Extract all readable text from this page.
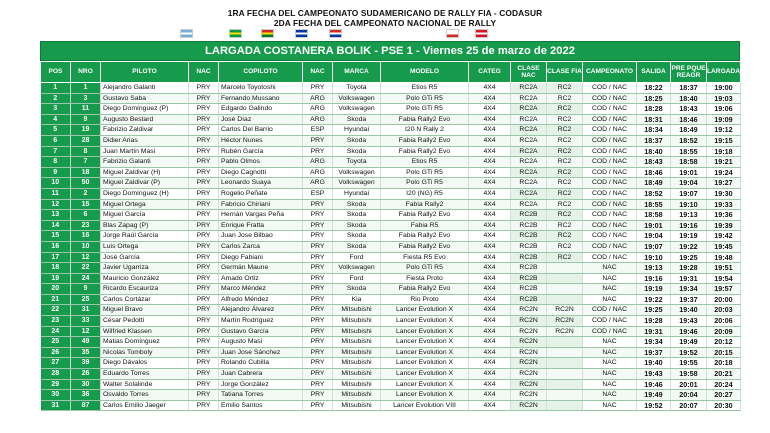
1RA FECHA DEL CAMPEONATO SUDAMERICANO DE RALLY FIA - CODASUR
2DA FECHA DEL CAMPEONATO NACIONAL DE RALLY
LARGADA COSTANERA BOLIK - PSE 1 - Viernes 25 de marzo de 2022
POS	NRO	PILOTO	NAC	COPILOTO	NAC	MARCA	MODELO	CATEG	CLASE NAC	CLASE FIA	CAMPEONATO	SALIDA	PRE PQUE REAGR	LARGADA
1	1	Alejandro Galanti	PRY	Marcelo Toyotoshi	PRY	Toyota	Etios R5	4X4	RC2A	RC2	COD / NAC	18:22	18:37	19:00
2	3	Gustavo Saba	PRY	Fernando Mussano	ARG	Volkswagen	Polo GTi R5	4X4	RC2A	RC2	COD / NAC	18:25	18:40	19:03
3	11	Diego Domínguez (P)	PRY	Edgardo Galindo	ARG	Volkswagen	Polo GTi R5	4X4	RC2A	RC2	COD / NAC	18:28	18:43	19:06
4	9	Augusto Bestard	PRY	José Díaz	ARG	Skoda	Fabia Rally2 Evo	4X4	RC2A	RC2	COD / NAC	18:31	18:46	19:09
5	19	Fabrizio Zaldivar	PRY	Carlos Del Barrio	ESP	Hyundai	I20 N Rally 2	4X4	RC2A	RC2	COD / NAC	18:34	18:49	19:12
6	28	Didier Arias	PRY	Héctor Nunes	PRY	Skoda	Fabia Rally2 Evo	4X4	RC2A	RC2	COD / NAC	18:37	18:52	19:15
7	8	Juan Martín Masi	PRY	Rubén García	PRY	Skoda	Fabia Rally2 Evo	4X4	RC2A	RC2	COD / NAC	18:40	18:55	19:18
8	7	Fabrizio Galanti	PRY	Pablo Olmos	ARG	Toyota	Etios R5	4X4	RC2A	RC2	COD / NAC	18:43	18:58	19:21
9	18	Miguel Zaldivar (H)	PRY	Diego Cagnotti	ARG	Volkswagen	Polo GTi R5	4X4	RC2A	RC2	COD / NAC	18:46	19:01	19:24
10	50	Miguel Zaldivar (P)	PRY	Leonardo Suaya	ARG	Volkswagen	Polo GTi R5	4X4	RC2A	RC2	COD / NAC	18:49	19:04	19:27
11	2	Diego Domínguez (H)	PRY	Rogelio Peñate	ESP	Hyundai	I20 (NG) R5	4X4	RC2A	RC2	COD / NAC	18:52	19:07	19:30
12	15	Miguel Ortega	PRY	Fabricio Chiriani	PRY	Skoda	Fabia Rally2	4X4	RC2A	RC2	COD / NAC	18:55	19:10	19:33
13	6	Miguel García	PRY	Hernán Vargas Peña	PRY	Skoda	Fabia Rally2 Evo	4X4	RC2B	RC2	COD / NAC	18:58	19:13	19:36
14	23	Blas Zapag (P)	PRY	Enrique Fratta	PRY	Skoda	Fabia R5	4X4	RC2B	RC2	COD / NAC	19:01	19:16	19:39
15	16	Jorge Raúl García	PRY	Juan Jose Bilbao	PRY	Skoda	Fabia Rally2 Evo	4X4	RC2B	RC2	COD / NAC	19:04	19:19	19:42
16	10	Luis Ortega	PRY	Carlos Zarca	PRY	Skoda	Fabia Rally2 Evo	4X4	RC2B	RC2	COD / NAC	19:07	19:22	19:45
17	12	José García	PRY	Diego Fabiani	PRY	Ford	Fiesta R5 Evo	4X4	RC2B	RC2	COD / NAC	19:10	19:25	19:48
18	22	Javier Ugarriza	PRY	Germán Maune	PRY	Volkswagen	Polo GTi R5	4X4	RC2B		NAC	19:13	19:28	19:51
19	24	Mauricio González	PRY	Amado Ortiz	PRY	Ford	Fiesta Proto	4X4	RC2B		NAC	19:16	19:31	19:54
20	9	Ricardo Escauriza	PRY	Marco Méndez	PRY	Skoda	Fabia Rally2 Evo	4X4	RC2B		NAC	19:19	19:34	19:57
21	25	Carlos Cortázar	PRY	Alfredo Méndez	PRY	Kia	Rio Proto	4X4	RC2B		NAC	19:22	19:37	20:00
22	31	Miguel Bravo	PRY	Alejandro Álvarez	PRY	Mitsubishi	Lancer Evolution X	4X4	RC2N	RC2N	COD / NAC	19:25	19:40	20:03
23	33	César Pedotti	PRY	Martín Rodríguez	PRY	Mitsubishi	Lancer Evolution X	4X4	RC2N	RC2N	COD / NAC	19:28	19:43	20:06
24	12	Wilfried Klassen	PRY	Gustavo García	PRY	Mitsubishi	Lancer Evolution X	4X4	RC2N	RC2N	COD / NAC	19:31	19:46	20:09
25	49	Matias Domínguez	PRY	Augusto Masi	PRY	Mitsubishi	Lancer Evolution X	4X4	RC2N		NAC	19:34	19:49	20:12
26	35	Nicolas Tomboly	PRY	Juan Jose Sánchez	PRY	Mitsubishi	Lancer Evolution X	4X4	RC2N		NAC	19:37	19:52	20:15
27	39	Diego Dávalos	PRY	Rolando Cubilla	PRY	Mitsubishi	Lancer Evolution X	4X4	RC2N		NAC	19:40	19:55	20:18
28	26	Eduardo Torres	PRY	Juan Cabrera	PRY	Mitsubishi	Lancer Evolution X	4X4	RC2N		NAC	19:43	19:58	20:21
29	30	Walter Solalinde	PRY	Jorge González	PRY	Mitsubishi	Lancer Evolution X	4X4	RC2N		NAC	19:46	20:01	20:24
30	36	Osvaldo Torres	PRY	Tatiana Torres	PRY	Mitsubishi	Lancer Evolution X	4X4	RC2N		NAC	19:49	20:04	20:27
31	87	Carlos Emilio Jaeger	PRY	Emilio Santos	PRY	Mitsubishi	Lancer Evolution VIII	4X4	RC2N		NAC	19:52	20:07	20:30
